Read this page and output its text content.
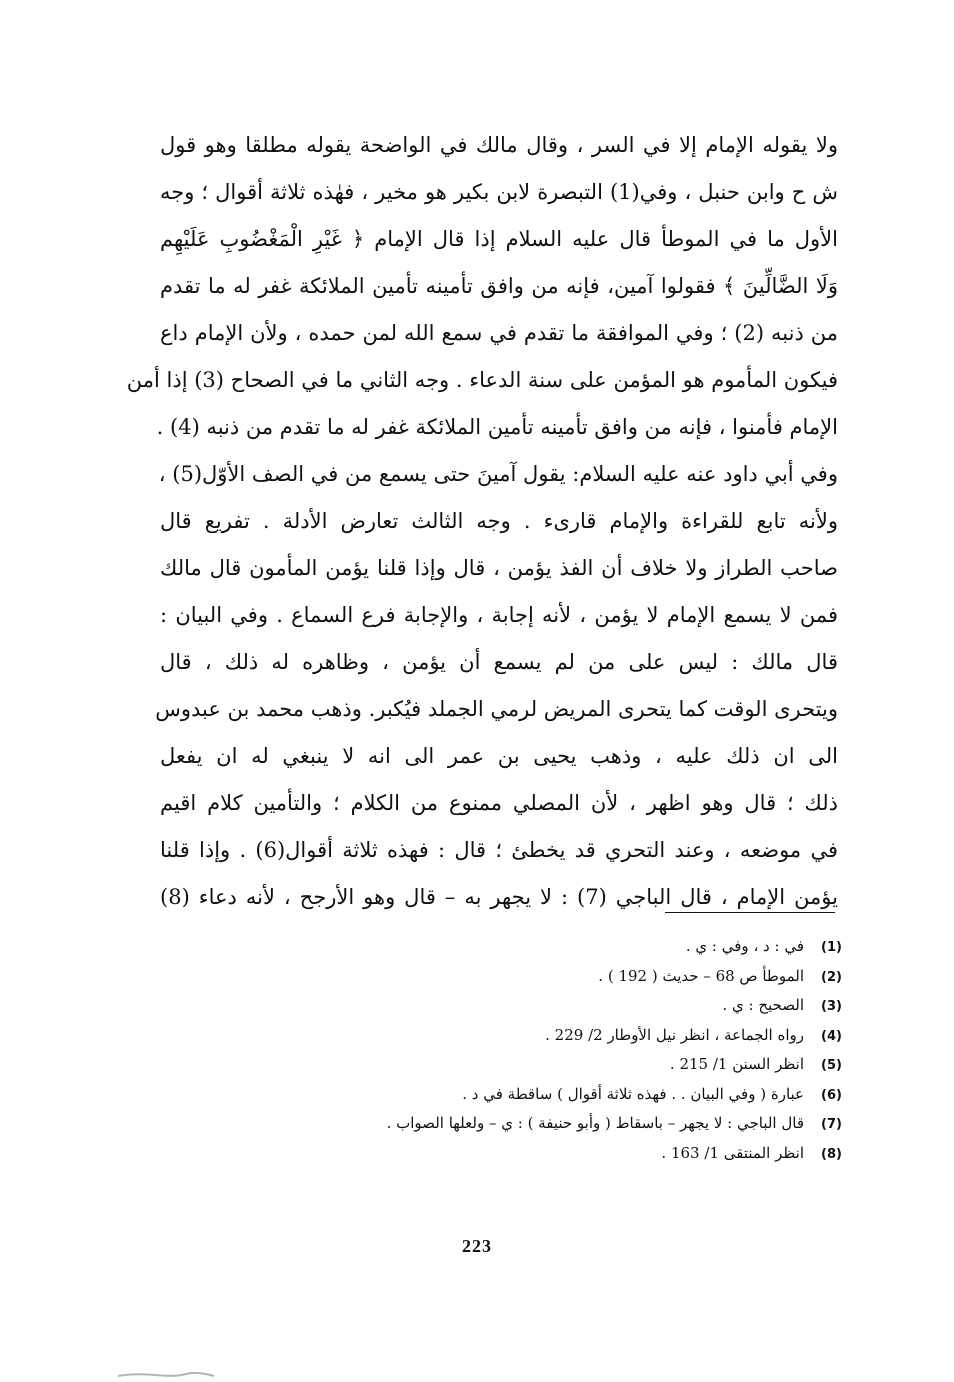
ولا يقوله الإمام إلا في السر ، وقال مالك في الواضحة يقوله مطلقا وهو قول
ش ح وابن حنبل ، وفي(1) التبصرة لابن بكير هو مخير ، فهٰذه ثلاثة أقوال ؛ وجه
الأول ما في الموطأ قال عليه السلام إذا قال الإمام ﴿ غَيْرِ الْمَغْضُوبِ عَلَيْهِم
وَلَا الضَّالِّينَ ﴾ فقولوا آمين، فإنه من وافق تأمينه تأمين الملائكة غفر له ما تقدم
من ذنبه (2) ؛ وفي الموافقة ما تقدم في سمع الله لمن حمده ، ولأن الإمام داع
فيكون المأموم هو المؤمن على سنة الدعاء . وجه الثاني ما في الصحاح (3) إذا أمن
الإمام فأمنوا ، فإنه من وافق تأمينه تأمين الملائكة غفر له ما تقدم من ذنبه (4) .
وفي أبي داود عنه عليه السلام: يقول آمينَ حتى يسمع من في الصف الأوّل(5) ،
ولأنه تابع للقراءة والإمام قارىء . وجه الثالث تعارض الأدلة . تفريع قال
صاحب الطراز ولا خلاف أن الفذ يؤمن ، قال وإذا قلنا يؤمن المأمون قال مالك
فمن لا يسمع الإمام لا يؤمن ، لأنه إجابة ، والإجابة فرع السماع . وفي البيان :
قال مالك : ليس على من لم يسمع أن يؤمن ، وظاهره له ذلك ، قال
ويتحرى الوقت كما يتحرى المريض لرمي الجملد فيُكبر. وذهب محمد بن عبدوس
الى ان ذلك عليه ، وذهب يحيى بن عمر الى انه لا ينبغي له ان يفعل
ذلك ؛ قال وهو اظهر ، لأن المصلي ممنوع من الكلام ؛ والتأمين كلام اقيم
في موضعه ، وعند التحري قد يخطئ ؛ قال : فهذه ثلاثة أقوال(6) . وإذا قلنا
يؤمن الإمام ، قال الباجي (7) : لا يجهر به – قال وهو الأرجح ، لأنه دعاء (8)
(1)في : د ، وفي : ي .
(2)الموطأ ص 68 – حديث ( 192 ) .
(3)الصحيح : ي .
(4)رواه الجماعة ، انظر نيل الأوطار 2/ 229 .
(5)انظر السنن 1/ 215 .
(6)عبارة ( وفي البيان . . فهذه ثلاثة أقوال ) ساقطة في د .
(7)قال الباجي : لا يجهر – باسقاط ( وأبو حنيفة ) : ي – ولعلها الصواب .
(8)انظر المنتقى 1/ 163 .
223
